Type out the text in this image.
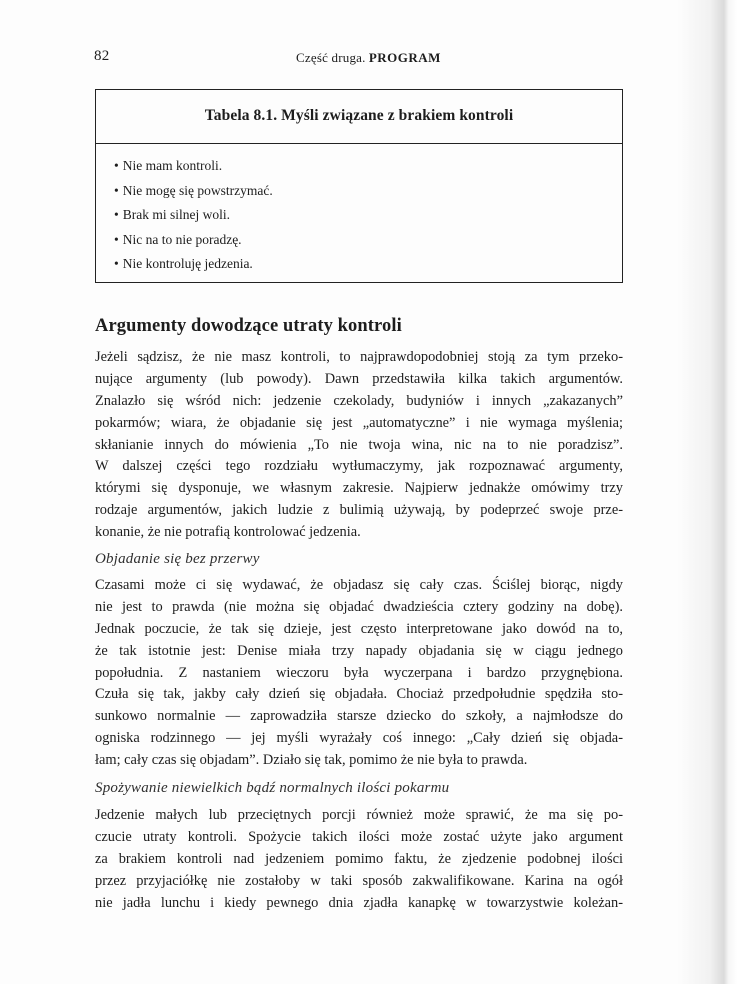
82	Część druga. PROGRAM
Tabela 8.1. Myśli związane z brakiem kontroli
• Nie mam kontroli.
• Nie mogę się powstrzymać.
• Brak mi silnej woli.
• Nic na to nie poradzę.
• Nie kontroluję jedzenia.
Argumenty dowodzące utraty kontroli
Jeżeli sądzisz, że nie masz kontroli, to najprawdopodobniej stoją za tym przeko-
nujące argumenty (lub powody). Dawn przedstawiła kilka takich argumentów.
Znalazło się wśród nich: jedzenie czekolady, budyniów i innych „zakazanych”
pokarmów; wiara, że objadanie się jest „automatyczne” i nie wymaga myślenia;
skłanianie innych do mówienia „To nie twoja wina, nic na to nie poradzisz”.
W dalszej części tego rozdziału wytłumaczymy, jak rozpoznawać argumenty,
którymi się dysponuje, we własnym zakresie. Najpierw jednakże omówimy trzy
rodzaje argumentów, jakich ludzie z bulimią używają, by podeprzeć swoje prze-
konanie, że nie potrafią kontrolować jedzenia.
Objadanie się bez przerwy
Czasami może ci się wydawać, że objadasz się cały czas. Ściślej biorąc, nigdy
nie jest to prawda (nie można się objadać dwadzieścia cztery godziny na dobę).
Jednak poczucie, że tak się dzieje, jest często interpretowane jako dowód na to,
że tak istotnie jest: Denise miała trzy napady objadania się w ciągu jednego
popołudnia. Z nastaniem wieczoru była wyczerpana i bardzo przygnębiona.
Czuła się tak, jakby cały dzień się objadała. Chociaż przedpołudnie spędziła sto-
sunkowo normalnie — zaprowadziła starsze dziecko do szkoły, a najmłodsze do
ogniska rodzinnego — jej myśli wyrażały coś innego: „Cały dzień się objada-
łam; cały czas się objadam”. Działo się tak, pomimo że nie była to prawda.
Spożywanie niewielkich bądź normalnych ilości pokarmu
Jedzenie małych lub przeciętnych porcji również może sprawić, że ma się po-
czucie utraty kontroli. Spożycie takich ilości może zostać użyte jako argument
za brakiem kontroli nad jedzeniem pomimo faktu, że zjedzenie podobnej ilości
przez przyjaciółkę nie zostałoby w taki sposób zakwalifikowane. Karina na ogół
nie jadła lunchu i kiedy pewnego dnia zjadła kanapkę w towarzystwie koleżan-
